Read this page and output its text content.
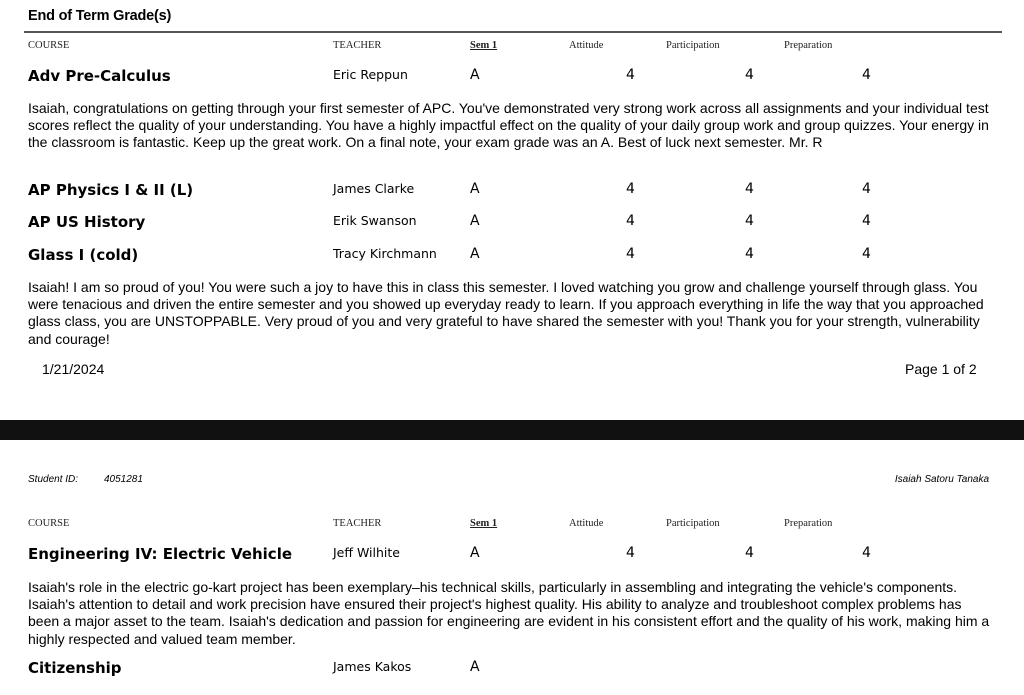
End of Term Grade(s)
COURSE	TEACHER	Sem 1	Attitude	Participation	Preparation
Adv Pre-Calculus	Eric Reppun	A	4	4	4
Isaiah, congratulations on getting through your first semester of APC. You've demonstrated very strong work across all assignments and your individual test scores reflect the quality of your understanding. You have a highly impactful effect on the quality of your daily group work and group quizzes. Your energy in the classroom is fantastic. Keep up the great work. On a final note, your exam grade was an A. Best of luck next semester. Mr. R
AP Physics I & II (L)	James Clarke	A	4	4	4
AP US History	Erik Swanson	A	4	4	4
Glass I (cold)	Tracy Kirchmann A	4	4	4
Isaiah! I am so proud of you! You were such a joy to have this in class this semester. I loved watching you grow and challenge yourself through glass. You were tenacious and driven the entire semester and you showed up everyday ready to learn. If you approach everything in life the way that you approached glass class, you are UNSTOPPABLE. Very proud of you and very grateful to have shared the semester with you! Thank you for your strength, vulnerability and courage!
1/21/2024	Page 1 of 2
Student ID:	4051281	Isaiah Satoru Tanaka
COURSE	TEACHER	Sem 1	Attitude	Participation	Preparation
Engineering IV: Electric Vehicle	Jeff Wilhite	A	4	4	4
Isaiah's role in the electric go-kart project has been exemplary–his technical skills, particularly in assembling and integrating the vehicle's components. Isaiah's attention to detail and work precision have ensured their project's highest quality. His ability to analyze and troubleshoot complex problems has been a major asset to the team. Isaiah's dedication and passion for engineering are evident in his consistent effort and the quality of his work, making him a highly respected and valued team member.
Citizenship	James Kakos	A
